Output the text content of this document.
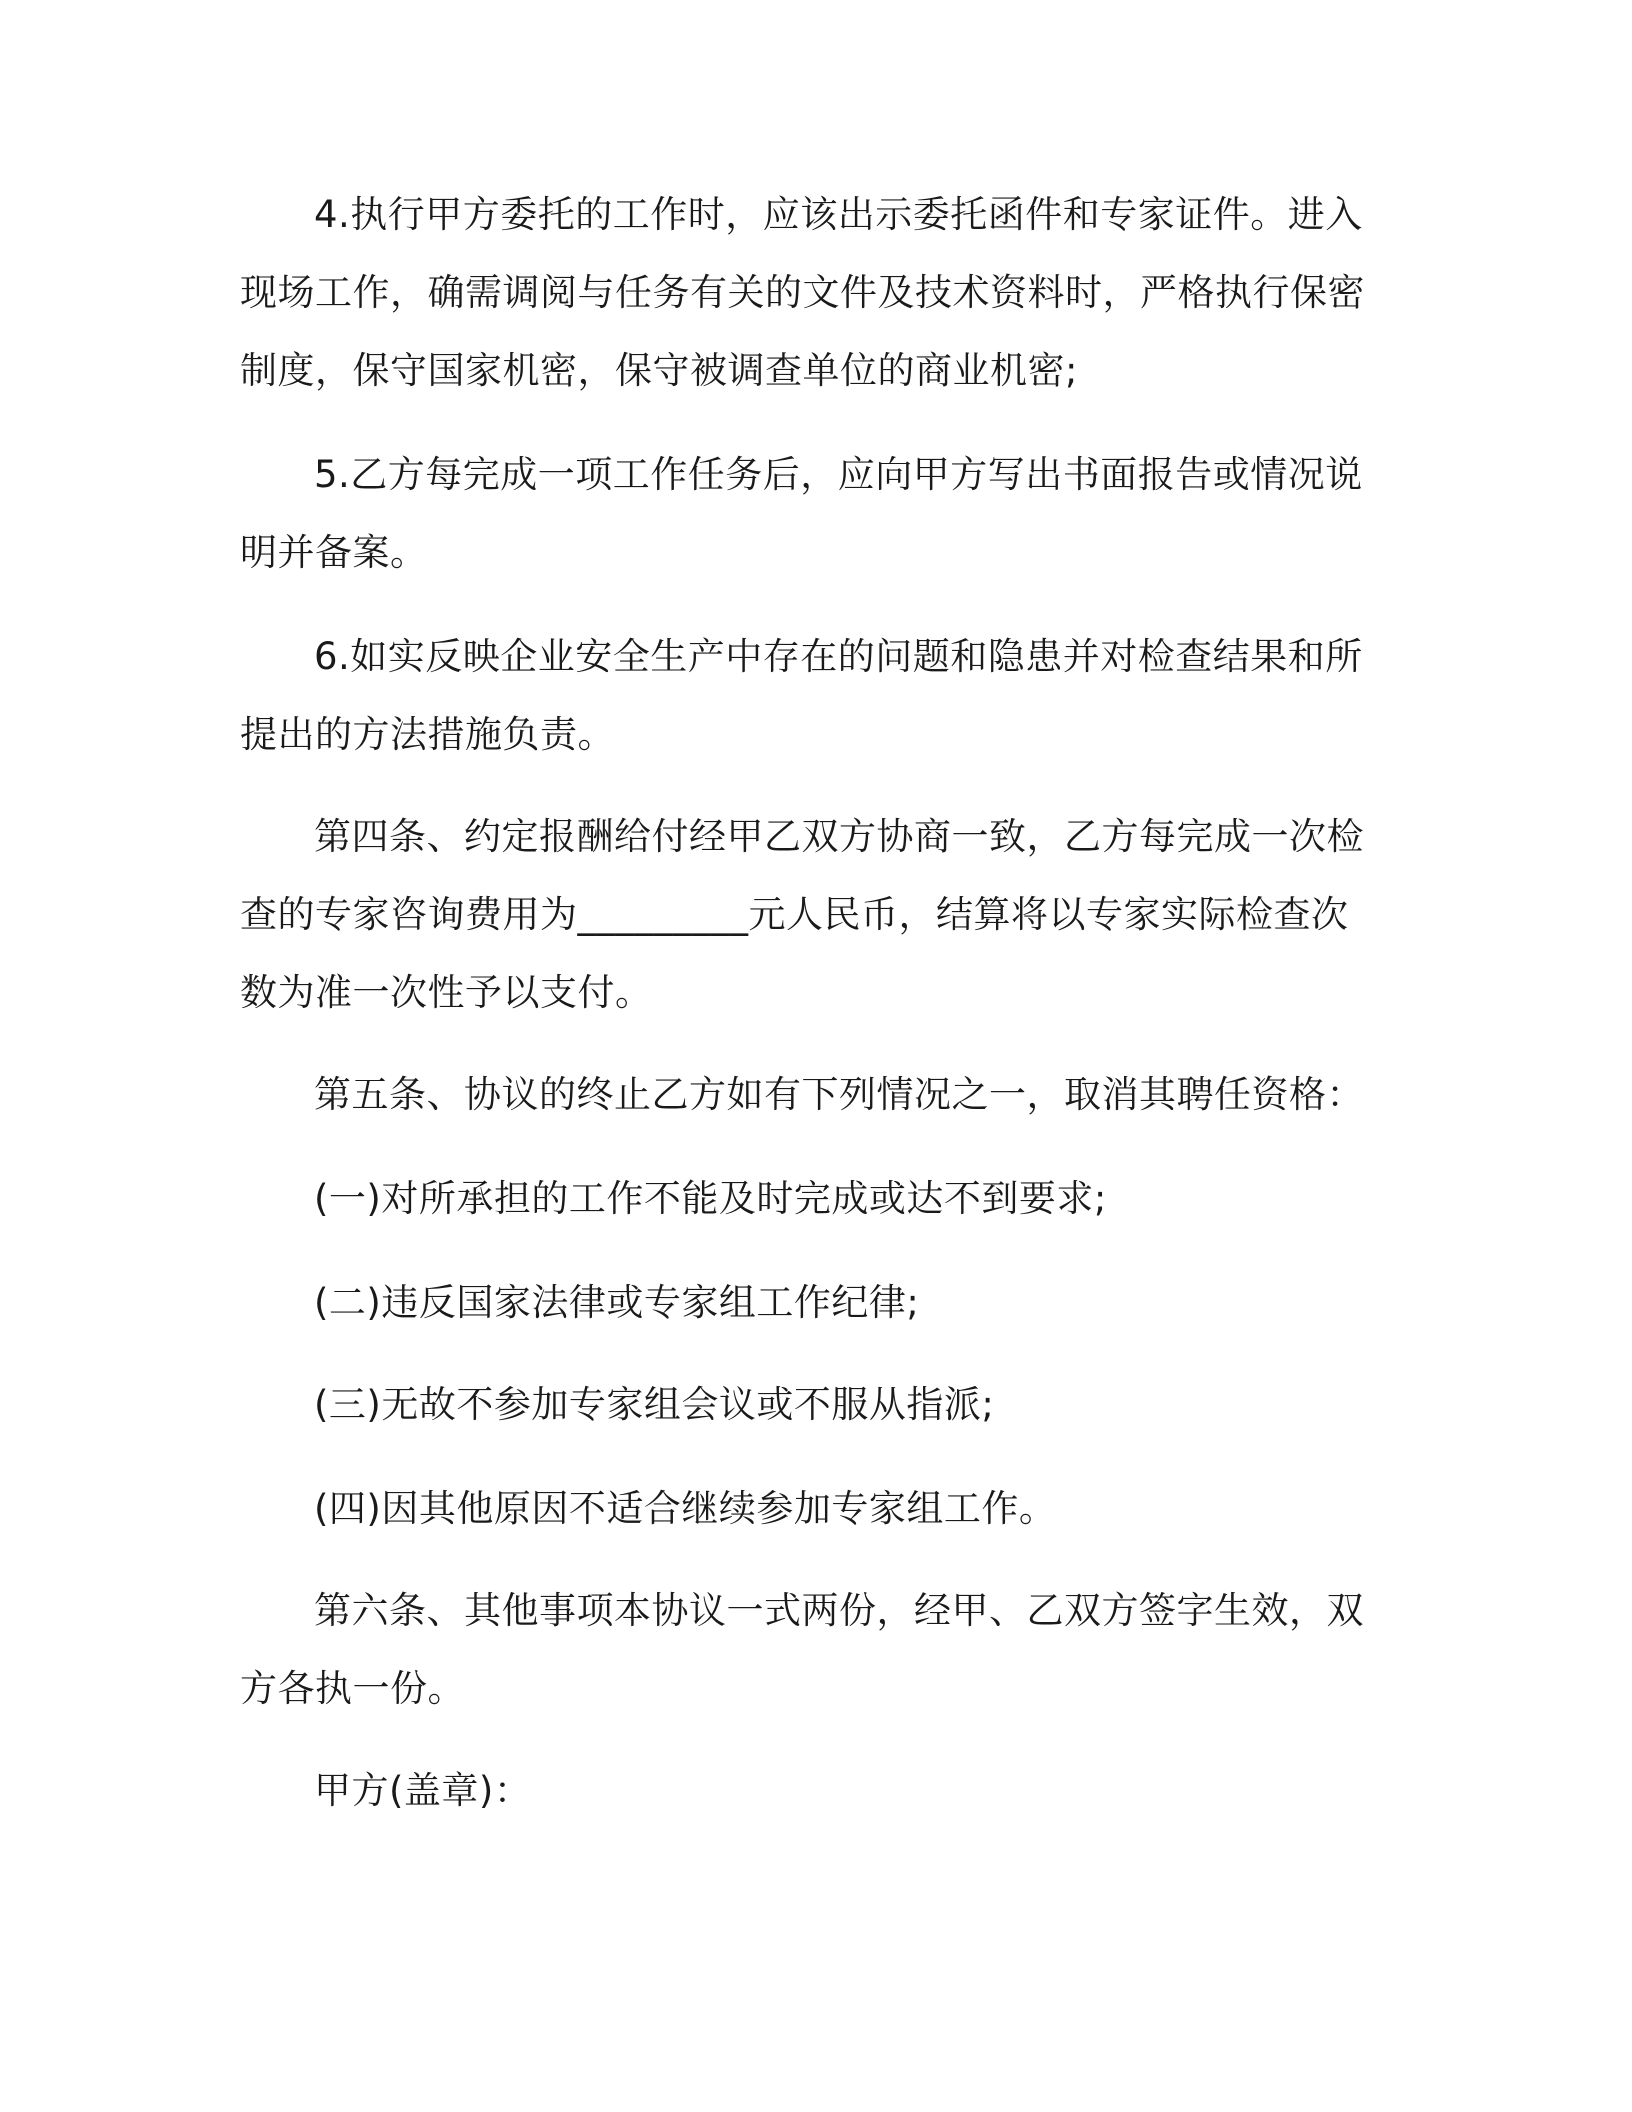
4.执行甲方委托的工作时，应该出示委托函件和专家证件。进入
现场工作，确需调阅与任务有关的文件及技术资料时，严格执行保密
制度，保守国家机密，保守被调查单位的商业机密;
5.乙方每完成一项工作任务后，应向甲方写出书面报告或情况说
明并备案。
6.如实反映企业安全生产中存在的问题和隐患并对检查结果和所
提出的方法措施负责。
第四条、约定报酬给付经甲乙双方协商一致，乙方每完成一次检
查的专家咨询费用为_________元人民币，结算将以专家实际检查次
数为准一次性予以支付。
第五条、协议的终止乙方如有下列情况之一，取消其聘任资格：
(一)对所承担的工作不能及时完成或达不到要求;
(二)违反国家法律或专家组工作纪律;
(三)无故不参加专家组会议或不服从指派;
(四)因其他原因不适合继续参加专家组工作。
第六条、其他事项本协议一式两份，经甲、乙双方签字生效，双
方各执一份。
甲方(盖章)：
